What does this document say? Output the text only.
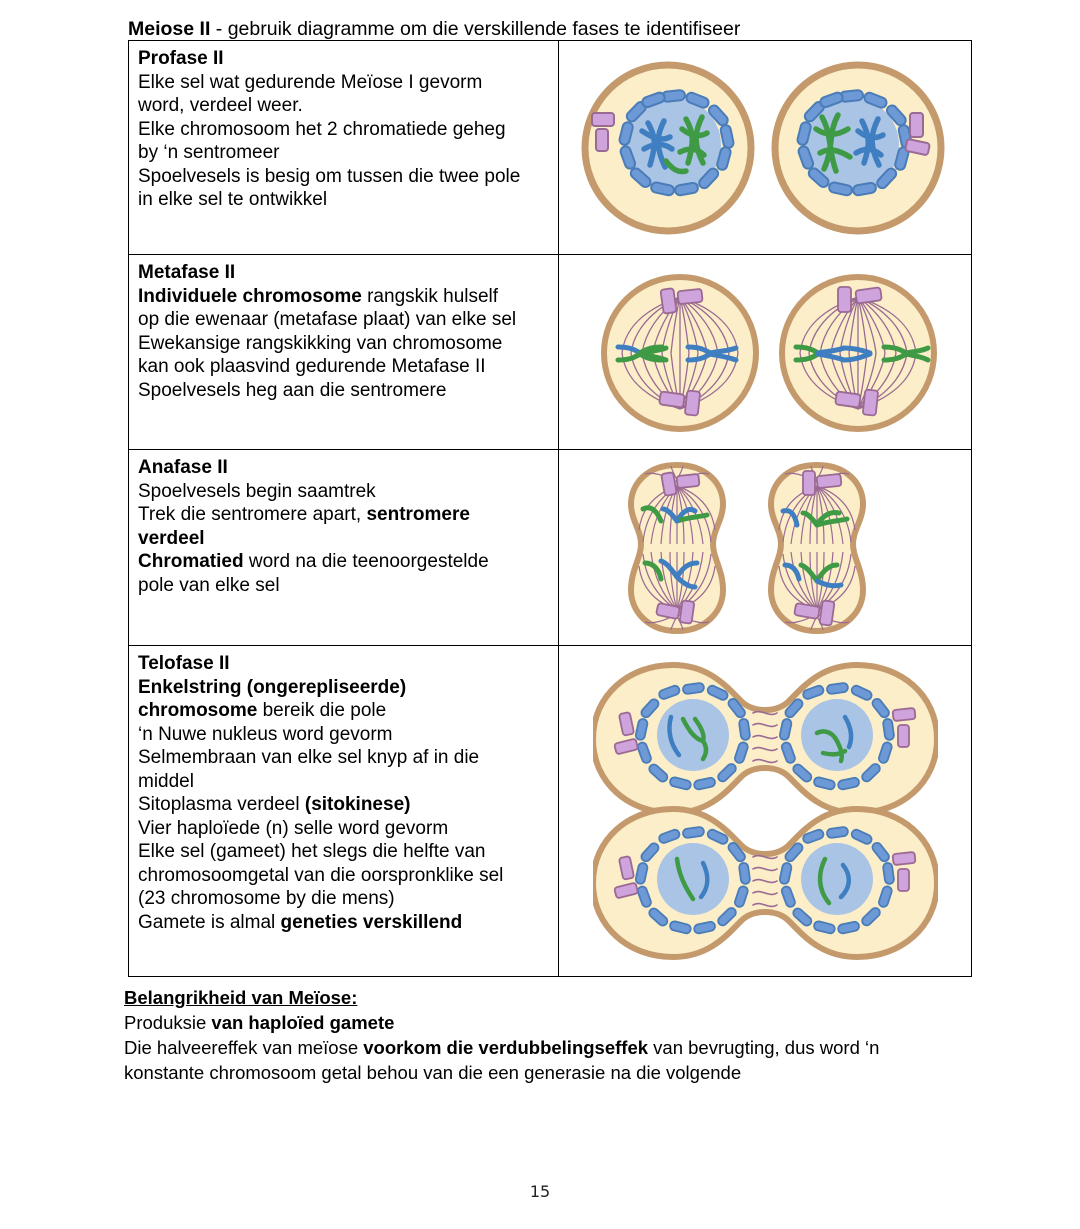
Meiose II - gebruik diagramme om die verskillende fases te identifiseer
Profase II
Elke sel wat gedurende Meïose I gevorm
word, verdeel weer.
Elke chromosoom het 2 chromatiede geheg
by ‘n sentromeer
Spoelvesels is besig om tussen die twee pole
in elke sel te ontwikkel

Metafase II
Individuele chromosome rangskik hulself
op die ewenaar (metafase plaat) van elke sel
Ewekansige rangskikking van chromosome
kan ook plaasvind gedurende Metafase II
Spoelvesels heg aan die sentromere

Anafase II
Spoelvesels begin saamtrek
Trek die sentromere apart, sentromere
verdeel
Chromatied word na die teenoorgestelde
pole van elke sel

Telofase II
Enkelstring (ongerepliseerde)
chromosome bereik die pole
‘n Nuwe nukleus word gevorm
Selmembraan van elke sel knyp af in die
middel
Sitoplasma verdeel (sitokinese)
Vier haploïede (n) selle word gevorm
Elke sel (gameet) het slegs die helfte van
chromosoomgetal van die oorspronklike sel
(23 chromosome by die mens)
Gamete is almal geneties verskillend

Belangrikheid van Meïose:
Produksie van haploïed gamete
Die halveereffek van meïose voorkom die verdubbelingseffek van bevrugting, dus word ‘n
konstante chromosoom getal behou van die een generasie na die volgende
15
